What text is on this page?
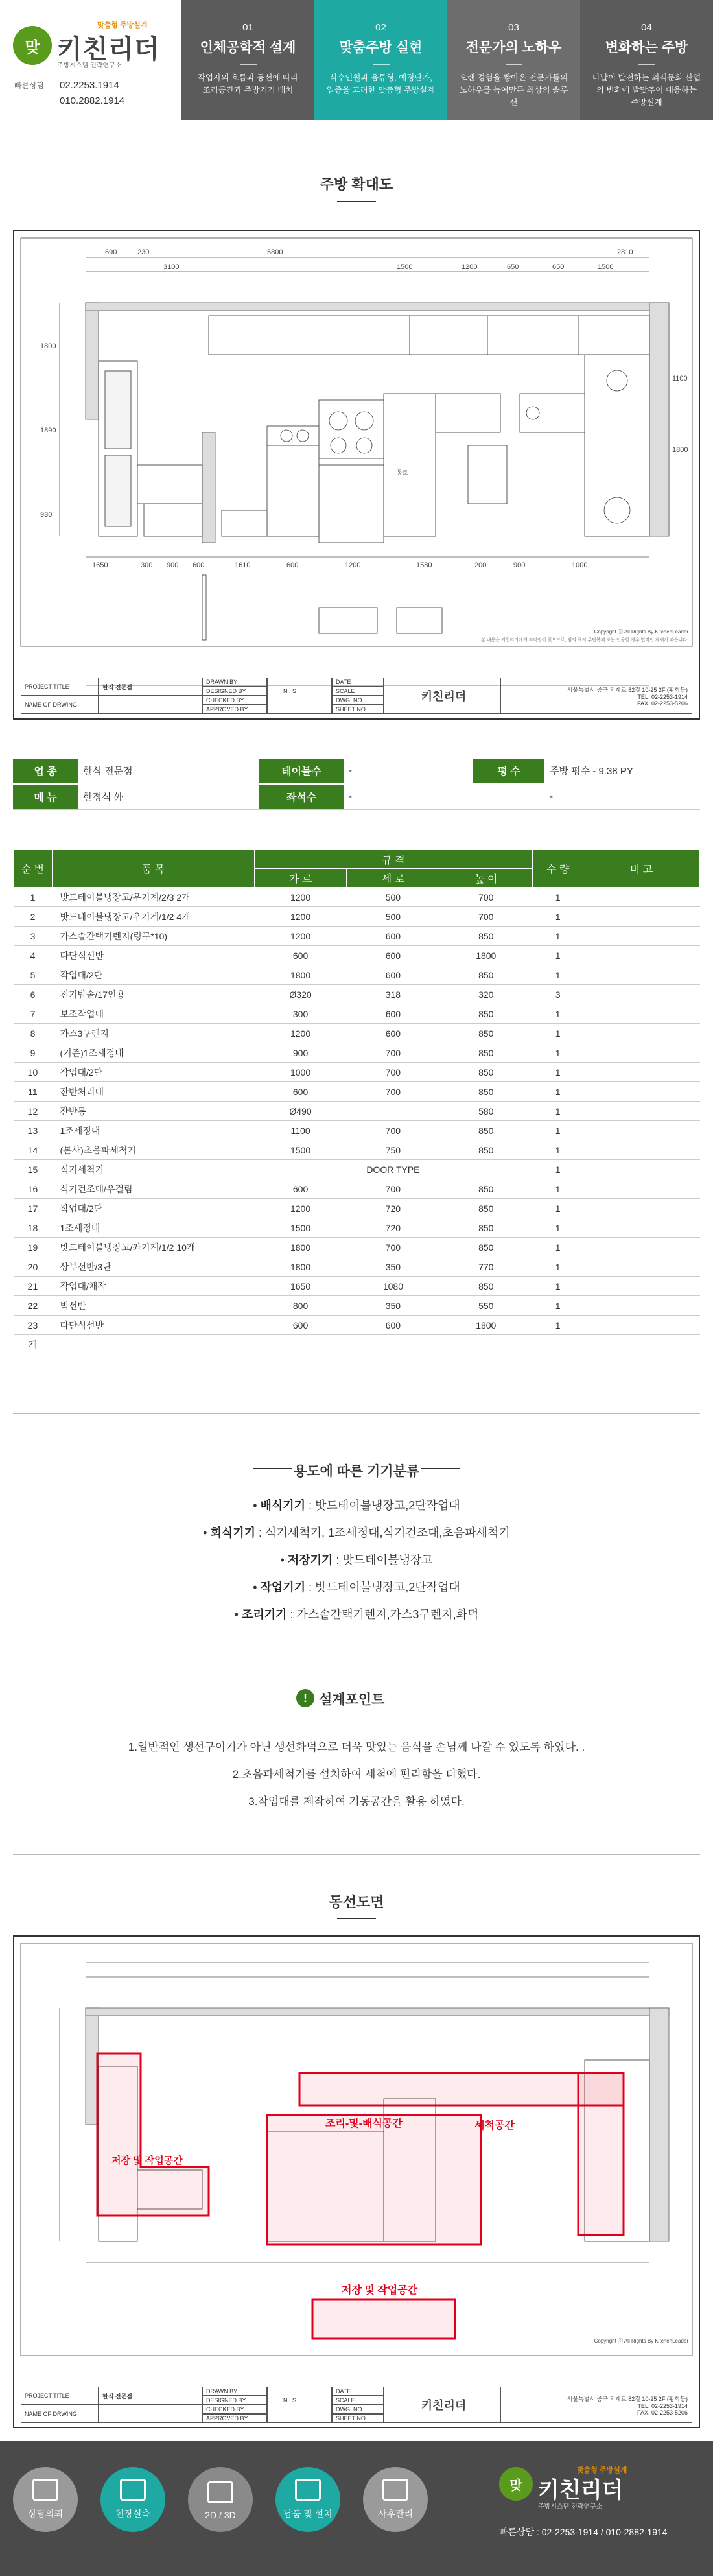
맞
맞춤형 주방설계
키친리더
주방시스템 전략연구소
빠른상담 02.2253.1914
010.2882.1914
01
인체공학적 설계
작업자의 흐름과 동선에 따라 조리공간과 주방기기 배치
02
맞춤주방 실현
식수인원과 음류형, 예정단가, 업종을 고려한 맞춤형 주방설계
03
전문가의 노하우
오랜 경험을 쌓아온 전문가들의 노하우를 녹여만든 최상의 솔루션
04
변화하는 주방
나날이 발전하는 외식문화 산업의 변화에 발맞추어 대응하는 주방설계
주방 확대도
690	230	5800
3100	1500	1200	650	650	1500
2810
1650	300 900 600	1610	600	1200	1580	200	900	1000
1800
1890
930
1100
1800
Copyright ⓒ All Rights By KitchenLeader
본 내용은 키친리더에게 저작권이 있으므로, 임의 표의 무단복제 또는 인용할 경우 법적인 제재가 따릅니다.
통로
PROJECT TITLE	한식 전문점
NAME OF DRWING
DRAWN BY
DESIGNED BY
CHECKED BY
APPROVED BY
DATE
SCALE
N . S
DWG. NO
SHEET NO
키친리더
서울특별시 중구 퇴계로 82길 10-25 2F (황학동)
TEL. 02-2253-1914
FAX. 02-2253-5206
업 종	한식 전문점	테이블수	-	평 수	주방 평수 - 9.38 PY
메 뉴	한정식 外	좌석수	-	-
순 번	품 목	규 격			수 량	비 고
		가 로	세 로	높 이		
1	밧드테이블냉장고/우기계/2/3 2개	1200	500	700	1	
2	밧드테이블냉장고/우기계/1/2 4개	1200	500	700	1	
3	가스솥간택기렌지(링구*10)	1200	600	850	1	
4	다단식선반	600	600	1800	1	
5	작업대/2단	1800	600	850	1	
6	전기밥솥/17인용	Ø320	318	320	3	
7	보조작업대	300	600	850	1	
8	가스3구렌지	1200	600	850	1	
9	(기존)1조세정대	900	700	850	1	
10	작업대/2단	1000	700	850	1	
11	잔반처리대	600	700	850	1	
12	잔반통	Ø490		580	1	
13	1조세정대	1100	700	850	1	
14	(본사)초음파세척기	1500	750	850	1	
15	식기세척기		DOOR TYPE		1	
16	식기건조대/우걸림	600	700	850	1	
17	작업대/2단	1200	720	850	1	
18	1조세정대	1500	720	850	1	
19	밧드테이블냉장고/좌기계/1/2 10개	1800	700	850	1	
20	상부선반/3단	1800	350	770	1	
21	작업대/채작	1650	1080	850	1	
22	벽선반	800	350	550	1	
23	다단식선반	600	600	1800	1	
계						
용도에 따른 기기분류
• 배식기기 : 밧드테이블냉장고,2단작업대
• 회식기기 : 식기세척기, 1조세정대,식기건조대,초음파세척기
• 저장기기 : 밧드테이블냉장고
• 작업기기 : 밧드테이블냉장고,2단작업대
• 조리기기 : 가스솥간택기렌지,가스3구렌지,화덕
! 설계포인트
1.일반적인 생선구이기가 아닌 생선화덕으로 더욱 맛있는 음식을 손님께 나갈 수 있도록 하였다. .
2.초음파세척기를 설치하여 세척에 편리함을 더했다.
3.작업대를 제작하여 기동공간을 활용 하였다.
동선도면
저장 및 작업공간
세척공간
조리-및-배식공간
저장 및 작업공간
Copyright ⓒ All Rights By KitchenLeader
PROJECT TITLE	한식 전문점
NAME OF DRWING
DRAWN BY
DESIGNED BY
CHECKED BY
APPROVED BY
DATE
SCALE
N . S
DWG. NO
SHEET NO
키친리더
서울특별시 중구 퇴계로 82길 10-25 2F (황학동)
TEL. 02-2253-1914
FAX. 02-2253-5206
상담의뢰	현장실측	2D / 3D	납품 및 설치	사후관리
맞
맞춤형 주방설계
키친리더
주방시스템 전략연구소
빠른상담 : 02-2253-1914 / 010-2882-1914
